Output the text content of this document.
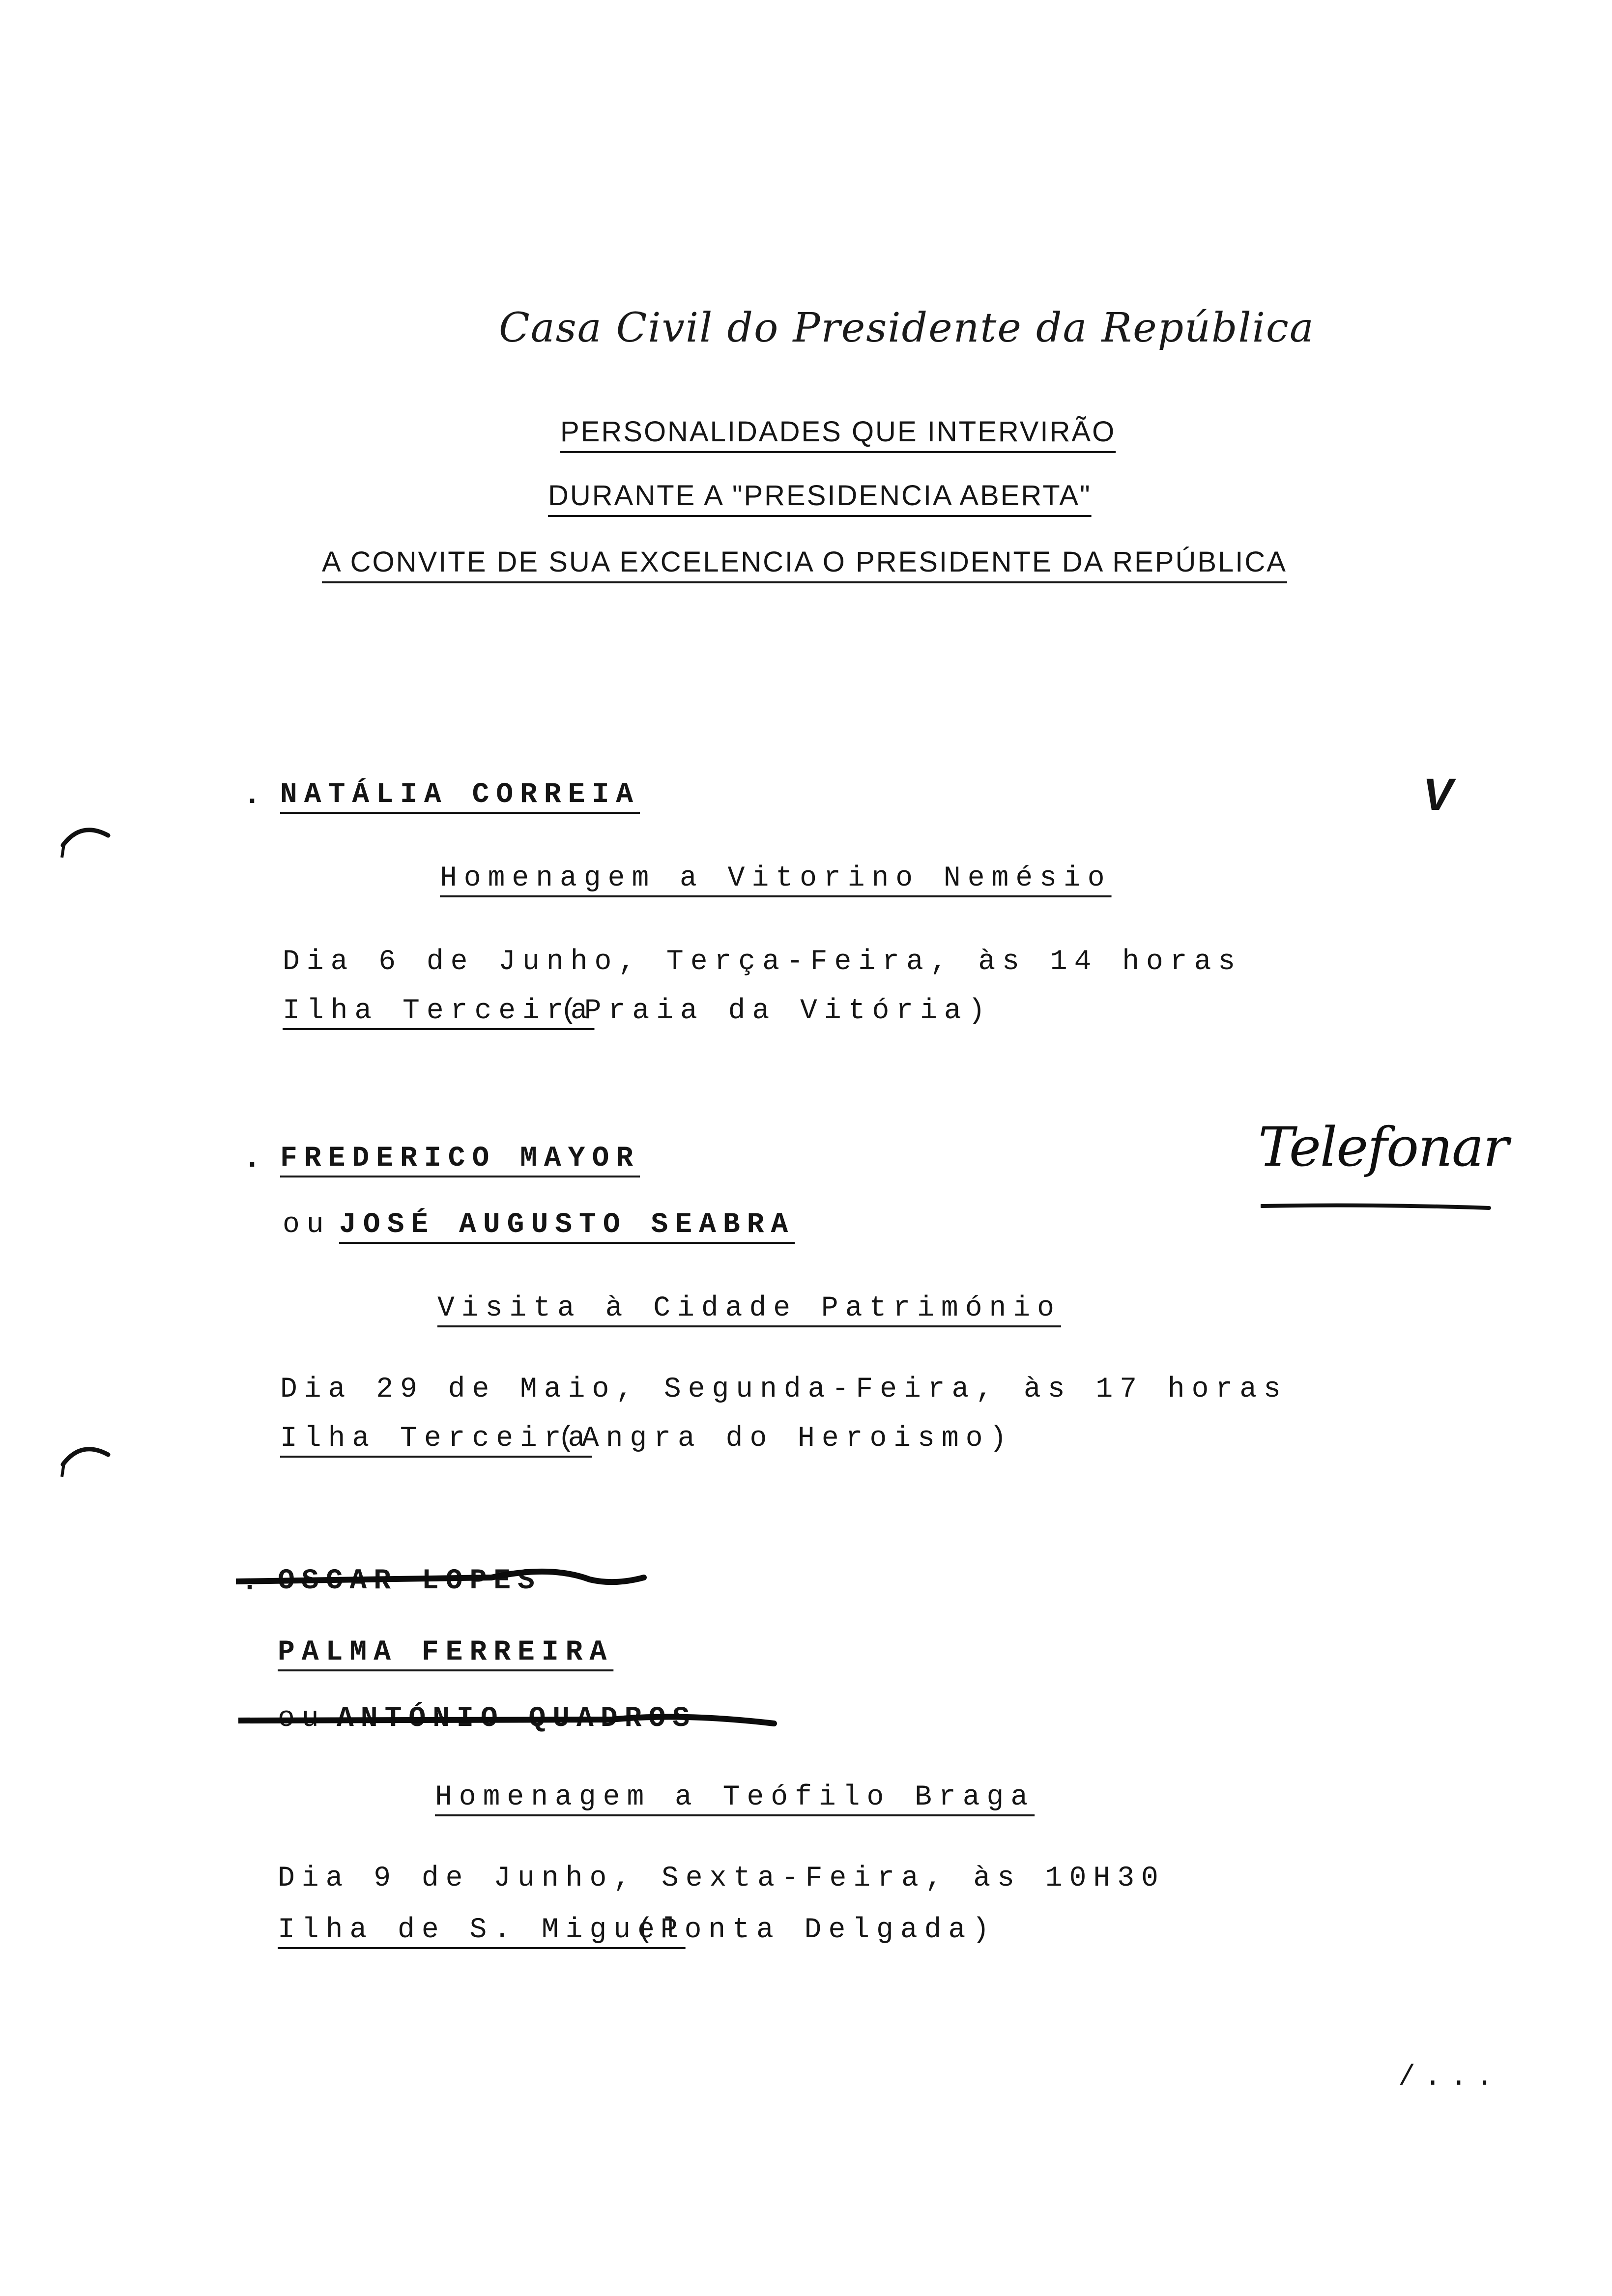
Casa Civil do Presidente da República
PERSONALIDADES QUE INTERVIRÃO
DURANTE A "PRESIDENCIA ABERTA"
A CONVITE DE SUA EXCELENCIA O PRESIDENTE DA REPÚBLICA
. NATÁLIA CORREIA	V
Homenagem a Vitorino Nemésio
Dia 6 de Junho, Terça-Feira, às 14 horas
Ilha Terceira
(Praia da Vitória)
. FREDERICO MAYOR
ou JOSÉ AUGUSTO SEABRA
Telefonar
Visita à Cidade Património
Dia 29 de Maio, Segunda-Feira, às 17 horas
Ilha Terceira
(Angra do Heroismo)
. OSCAR LOPES
PALMA FERREIRA
ou ANTÓNIO QUADROS
Homenagem a Teófilo Braga
Dia 9 de Junho, Sexta-Feira, às 10H30
Ilha de S. Miguel
(Ponta Delgada)
/...
